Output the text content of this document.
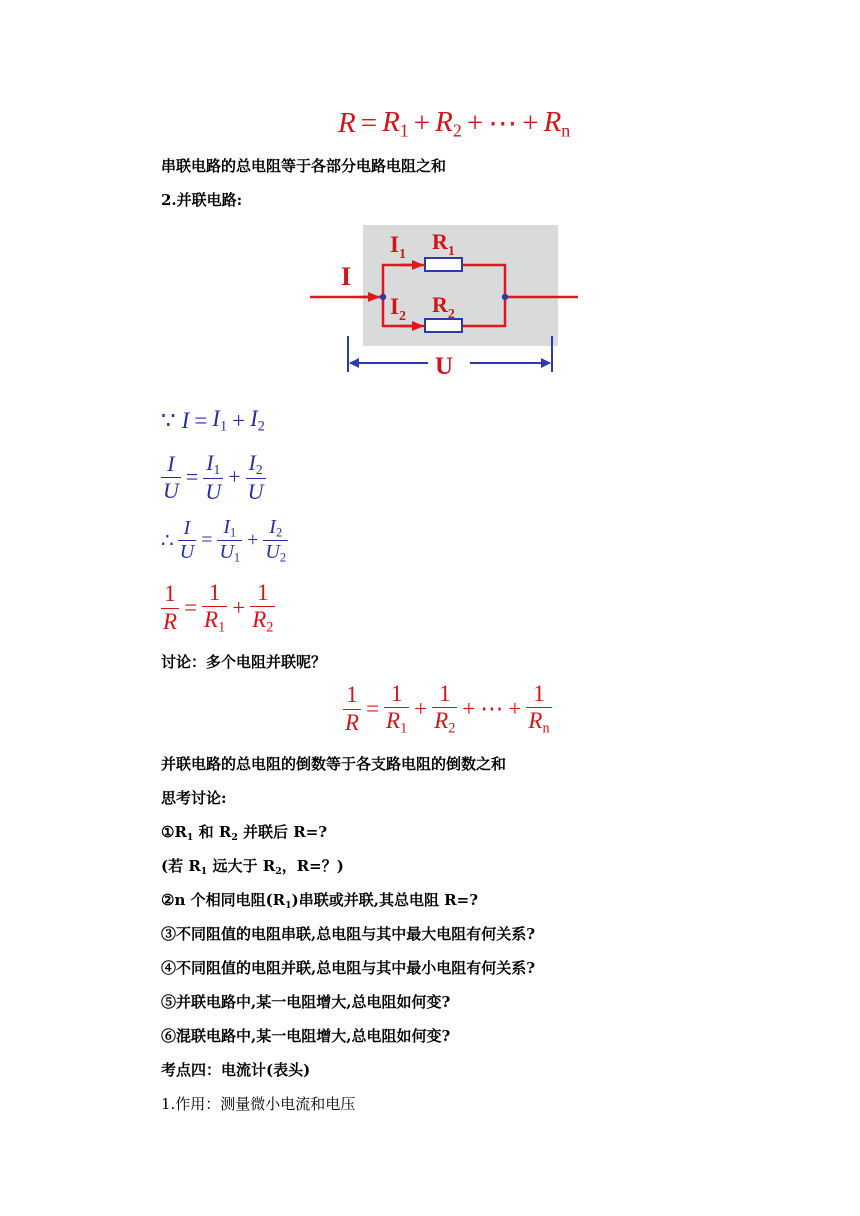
$R = R_1 + R_2$ + ⋯ + $R_n$
串联电路的总电阻等于各部分电路电阻之和
2.并联电路:
I
$I_1$
$R_1$
$I_2$ $R_2$
U
∵ $I = I_1 + I_2$
$\frac{I}{U} = \frac{I_1}{U} + \frac{I_2}{U}$
∴ $\frac{I}{U} = \frac{I_1}{U_1} + \frac{I_2}{U_2}$
$\frac{1}{R} = \frac{1}{R_1} + \frac{1}{R_2}$
讨论：多个电阻并联呢？
$\frac{1}{R} = \frac{1}{R_1} + \frac{1}{R_2}$ + ⋯ + $\frac{1}{R_n}$
并联电路的总电阻的倒数等于各支路电阻的倒数之和
思考讨论:
$①R_1$ 和 $R_2$ 并联后 R=?
(若 $R_1$ 远大于 $R_2$，R=？)
②n 个相同电阻$(R_1)$串联或并联,其总电阻 R=?
③不同阻值的电阻串联,总电阻与其中最大电阻有何关系?
④不同阻值的电阻并联,总电阻与其中最小电阻有何关系?
⑤并联电路中,某一电阻增大,总电阻如何变?
⑥混联电路中,某一电阻增大,总电阻如何变?
考点四：电流计(表头)
1.作用：测量微小电流和电压
